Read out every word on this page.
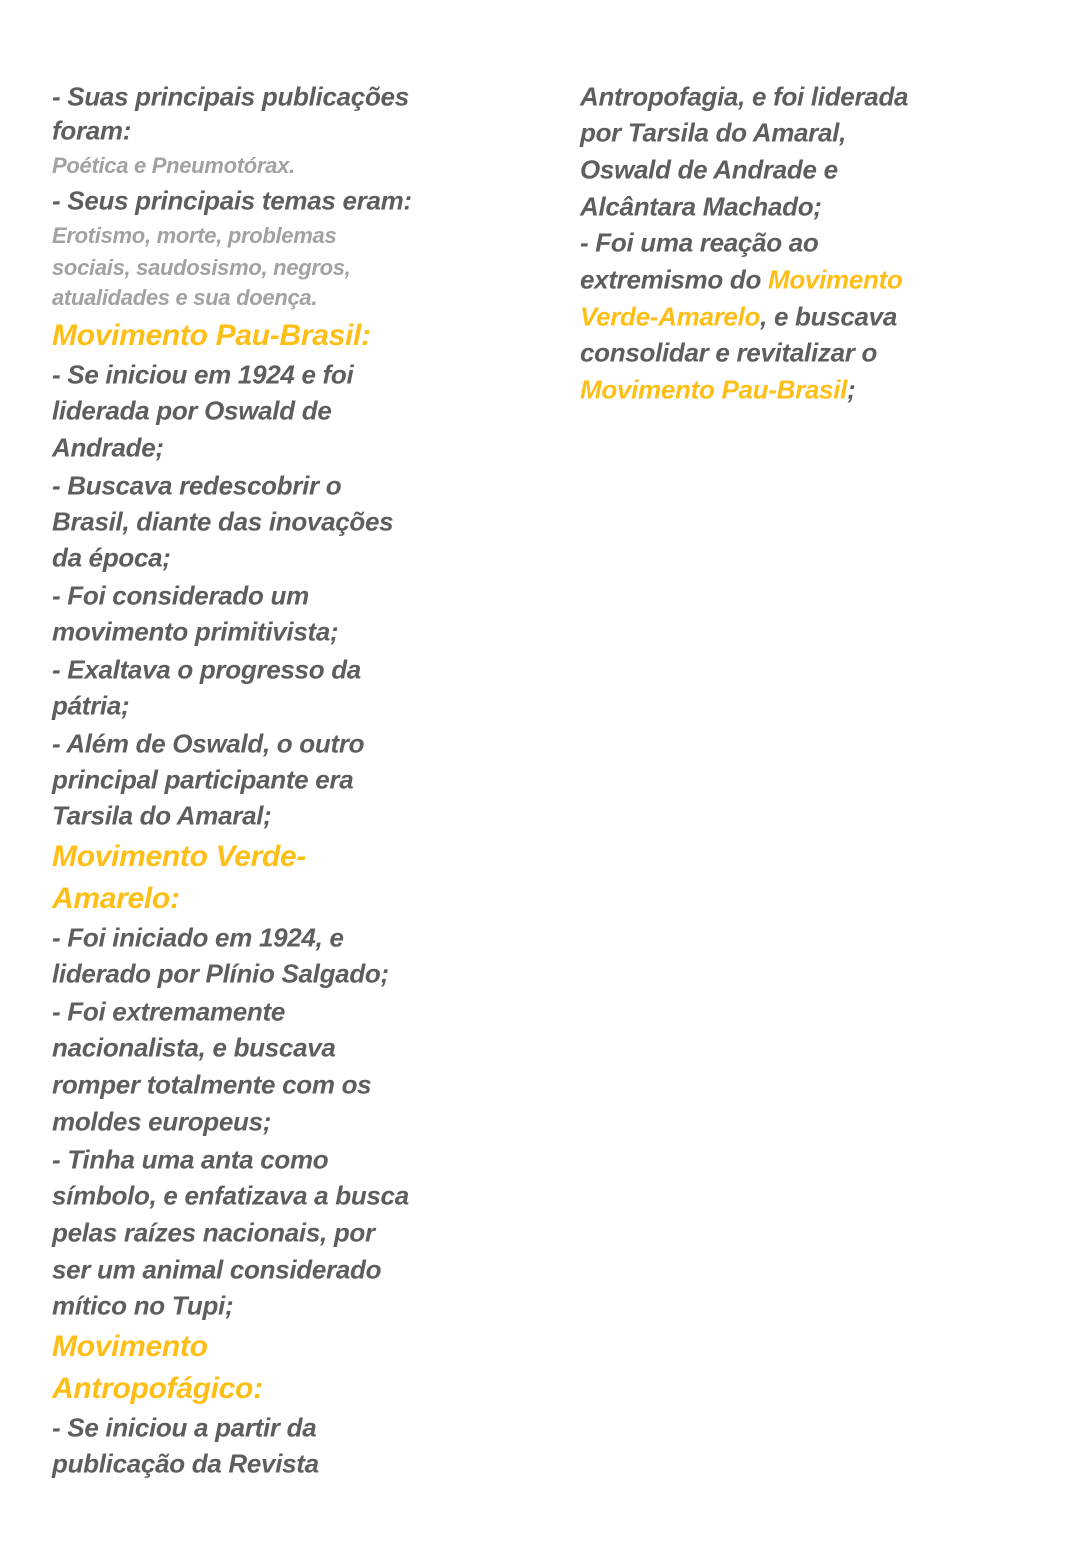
- Suas principais publicações
foram:
Poética e Pneumotórax.
- Seus principais temas eram:
Erotismo, morte, problemas
sociais, saudosismo, negros,
atualidades e sua doença.
Movimento Pau-Brasil:
- Se iniciou em 1924 e foi
liderada por Oswald de
Andrade;
- Buscava redescobrir o
Brasil, diante das inovações
da época;
- Foi considerado um
movimento primitivista;
- Exaltava o progresso da
pátria;
- Além de Oswald, o outro
principal participante era
Tarsila do Amaral;
Movimento Verde-
Amarelo:
- Foi iniciado em 1924, e
liderado por Plínio Salgado;
- Foi extremamente
nacionalista, e buscava
romper totalmente com os
moldes europeus;
- Tinha uma anta como
símbolo, e enfatizava a busca
pelas raízes nacionais, por
ser um animal considerado
mítico no Tupi;
Movimento
Antropofágico:
- Se iniciou a partir da
publicação da Revista
Antropofagia, e foi liderada
por Tarsila do Amaral,
Oswald de Andrade e
Alcântara Machado;
- Foi uma reação ao
extremismo do Movimento
Verde-Amarelo, e buscava
consolidar e revitalizar o
Movimento Pau-Brasil;
